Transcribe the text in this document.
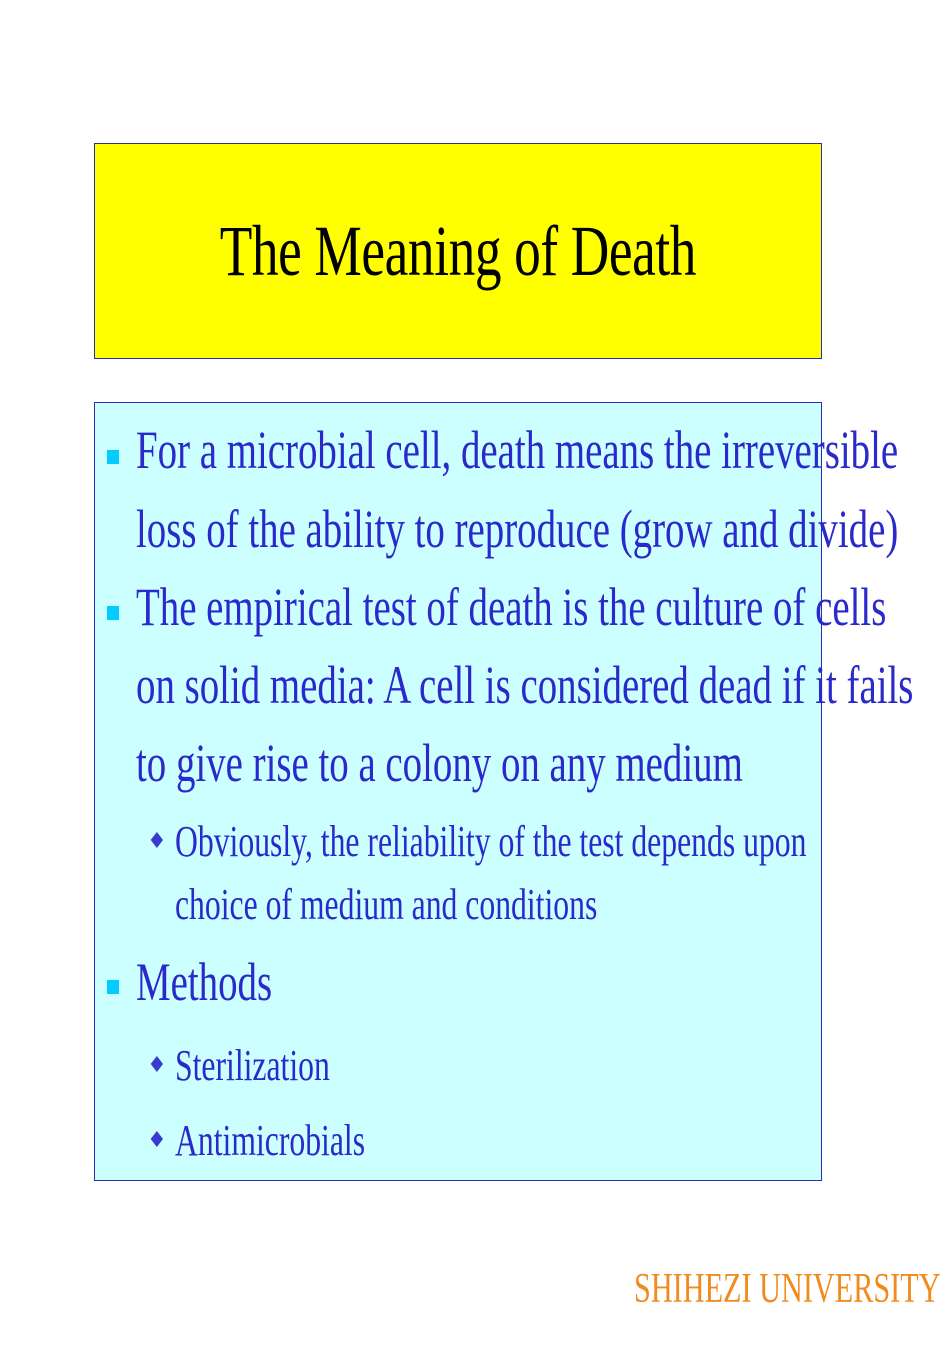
The Meaning of Death
For a microbial cell, death means the irreversible
loss of the ability to reproduce (grow and divide)
The empirical test of death is the culture of cells
on solid media: A cell is considered dead if it fails
to give rise to a colony on any medium
♦ Obviously, the reliability of the test depends upon
choice of medium and conditions
Methods
♦ Sterilization
♦ Antimicrobials
SHIHEZI UNIVERSITY
